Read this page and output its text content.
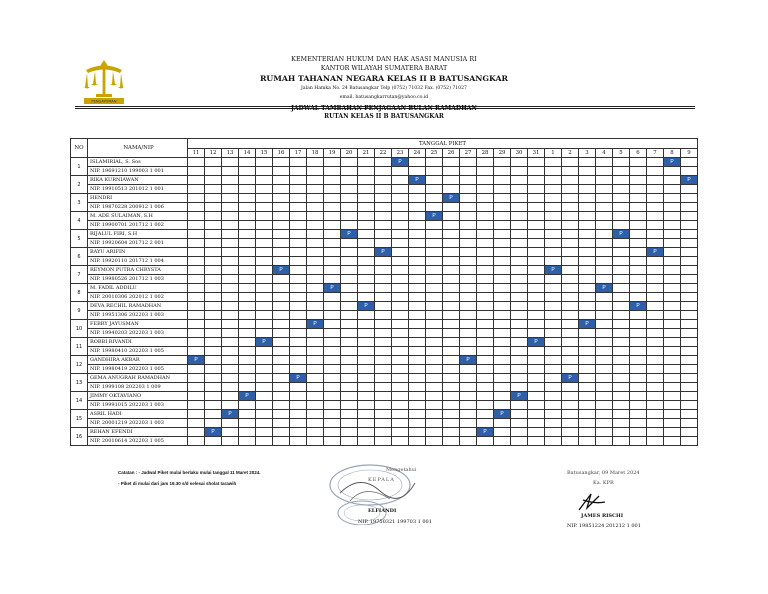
PENGAYOMAN
KEMENTERIAN HUKUM DAN HAK ASASI MANUSIA RI
KANTOR WILAYAH SUMATERA BARAT
RUMAH TAHANAN NEGARA KELAS II B BATUSANGKAR
Jalan Hamka No. 24 Batusangkar Telp (0752) 71032 Fax. (0752) 71027
email. batusangkarrutan@yahoo.co.id
JADWAL TAMBAHAN PENJAGAAN BULAN RAMADHAN
RUTAN KELAS II B BATUSANGKAR
NO	NAMA/NIP	TANGGAL PIKET																													
		11	12	13	14	15	16	17	18	19	20	21	22	23	24	25	26	27	28	29	30	31	1	2	3	4	5	6	7	8	9
1	ISLAMIRIAL, S. Sos													P																P	
	NIP. 19691210 199003 1 001																														
2	RIKA KURNIAWAN														P																P
	NIP. 19910513 201012 1 001																														
3	HENDRI																P														
	NIP. 19870228 200912 1 006																														
4	M. ADE SULAIMAN, S.H															P															
	NIP. 19900701 201712 1 002																														
5	RIJALUL FIRI, S.H										P																P				
	NIP. 19920604 201712 2 001																														
6	BAYU ARIFIN												P																P		
	NIP. 19920110 201712 1 004																														
7	REYMON PUTRA CHRYSTA						P																P								
	NIP. 19980526 201712 1 003																														
8	M. FADIL ADDILU									P																P					
	NIP. 20010306 202012 1 002																														
9	DEVA RECHIL RAMADHAN											P																P			
	NIP. 19951306 202203 1 003																														
10	FEBRY JAYUSMAN								P																P						
	NIP. 19940203 202203 1 003																														
11	ROBBI RIVANDI					P																P									
	NIP. 19980410 202203 1 005																														
12	GANDHIRA AKBAR	P																P													
	NIP. 19980419 202203 1 005																														
13	GEMA ANUGRAH RAMADHAN							P																P							
	NIP. 1999108 202203 1 009																														
14	JIMMY OKTAVIANO				P																P										
	NIP. 19991015 202203 1 003																														
15	ASRIL HADI			P																P											
	NIP. 20001219 202203 1 003																														
16	REHAN EFENDI		P																P												
	NIP. 20010614 202203 1 005																														
Catatan : - Jadwal Piket mulai berlaku mulai tanggal 11 Maret 2024.
- Piket di mulai dari jam 19.30 s/d selesai sholat tarawih
Mengetahui
KEPALA
ELFIANDI
NIP. 19750321 199703 1 001
Batusangkar, 09 Maret 2024
Ka. KPR
JAMES RISCHI
NIP. 19851224 201212 1 001
